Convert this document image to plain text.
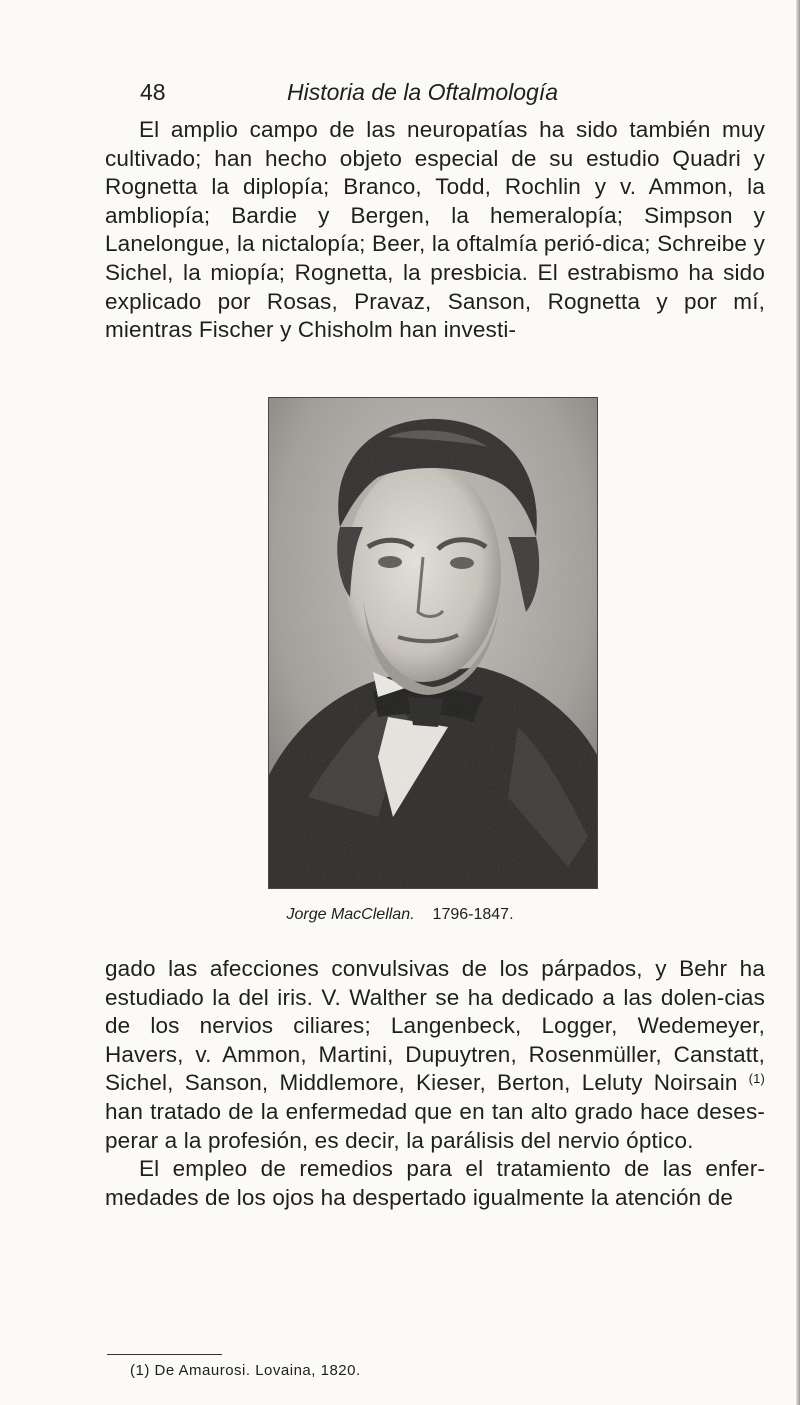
48	Historia de la Oftalmología

El amplio campo de las neuropatías ha sido también muy cultivado; han hecho objeto especial de su estudio Quadri y Rognetta la diplopía; Branco, Todd, Rochlin y v. Ammon, la ambliopía; Bardie y Bergen, la hemeralopía; Simpson y Lanelongue, la nictalopía; Beer, la oftalmía perió-dica; Schreibe y Sichel, la miopía; Rognetta, la presbicia. El estrabismo ha sido explicado por Rosas, Pravaz, Sanson, Rognetta y por mí, mientras Fischer y Chisholm han investi-

Jorge MacClellan. 1796-1847.

gado las afecciones convulsivas de los párpados, y Behr ha estudiado la del iris. V. Walther se ha dedicado a las dolen-cias de los nervios ciliares; Langenbeck, Logger, Wedemeyer, Havers, v. Ammon, Martini, Dupuytren, Rosenmüller, Canstatt, Sichel, Sanson, Middlemore, Kieser, Berton, Leluty Noirsain $^{(1)}$ han tratado de la enfermedad que en tan alto grado hace deses-perar a la profesión, es decir, la parálisis del nervio óptico.

El empleo de remedios para el tratamiento de las enfer-medades de los ojos ha despertado igualmente la atención de

(1) De Amaurosi. Lovaina, 1820.
